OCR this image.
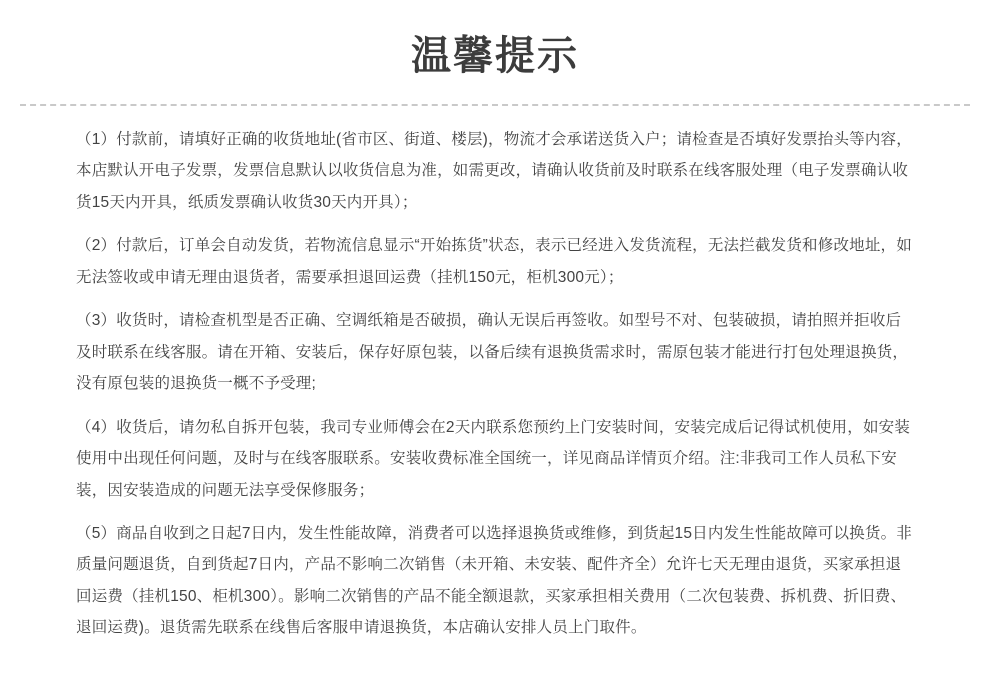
温馨提示

（1）付款前，请填好正确的收货地址(省市区、街道、楼层)，物流才会承诺送货入户；请检查是否填好发票抬头等内容，本店默认开电子发票，发票信息默认以收货信息为准，如需更改，请确认收货前及时联系在线客服处理（电子发票确认收货15天内开具，纸质发票确认收货30天内开具）；

（2）付款后，订单会自动发货，若物流信息显示“开始拣货”状态，表示已经进入发货流程，无法拦截发货和修改地址，如无法签收或申请无理由退货者，需要承担退回运费（挂机150元，柜机300元）；

（3）收货时，请检查机型是否正确、空调纸箱是否破损，确认无误后再签收。如型号不对、包装破损，请拍照并拒收后及时联系在线客服。请在开箱、安装后，保存好原包装，以备后续有退换货需求时，需原包装才能进行打包处理退换货，没有原包装的退换货一概不予受理;

（4）收货后，请勿私自拆开包装，我司专业师傅会在2天内联系您预约上门安装时间，安装完成后记得试机使用，如安装使用中出现任何问题，及时与在线客服联系。安装收费标准全国统一，详见商品详情页介绍。注:非我司工作人员私下安装，因安装造成的问题无法享受保修服务；

（5）商品自收到之日起7日内，发生性能故障，消费者可以选择退换货或维修，到货起15日内发生性能故障可以换货。非质量问题退货，自到货起7日内，产品不影响二次销售（未开箱、未安装、配件齐全）允许七天无理由退货，买家承担退回运费（挂机150、柜机300）。影响二次销售的产品不能全额退款，买家承担相关费用（二次包装费、拆机费、折旧费、退回运费)。退货需先联系在线售后客服申请退换货，本店确认安排人员上门取件。
